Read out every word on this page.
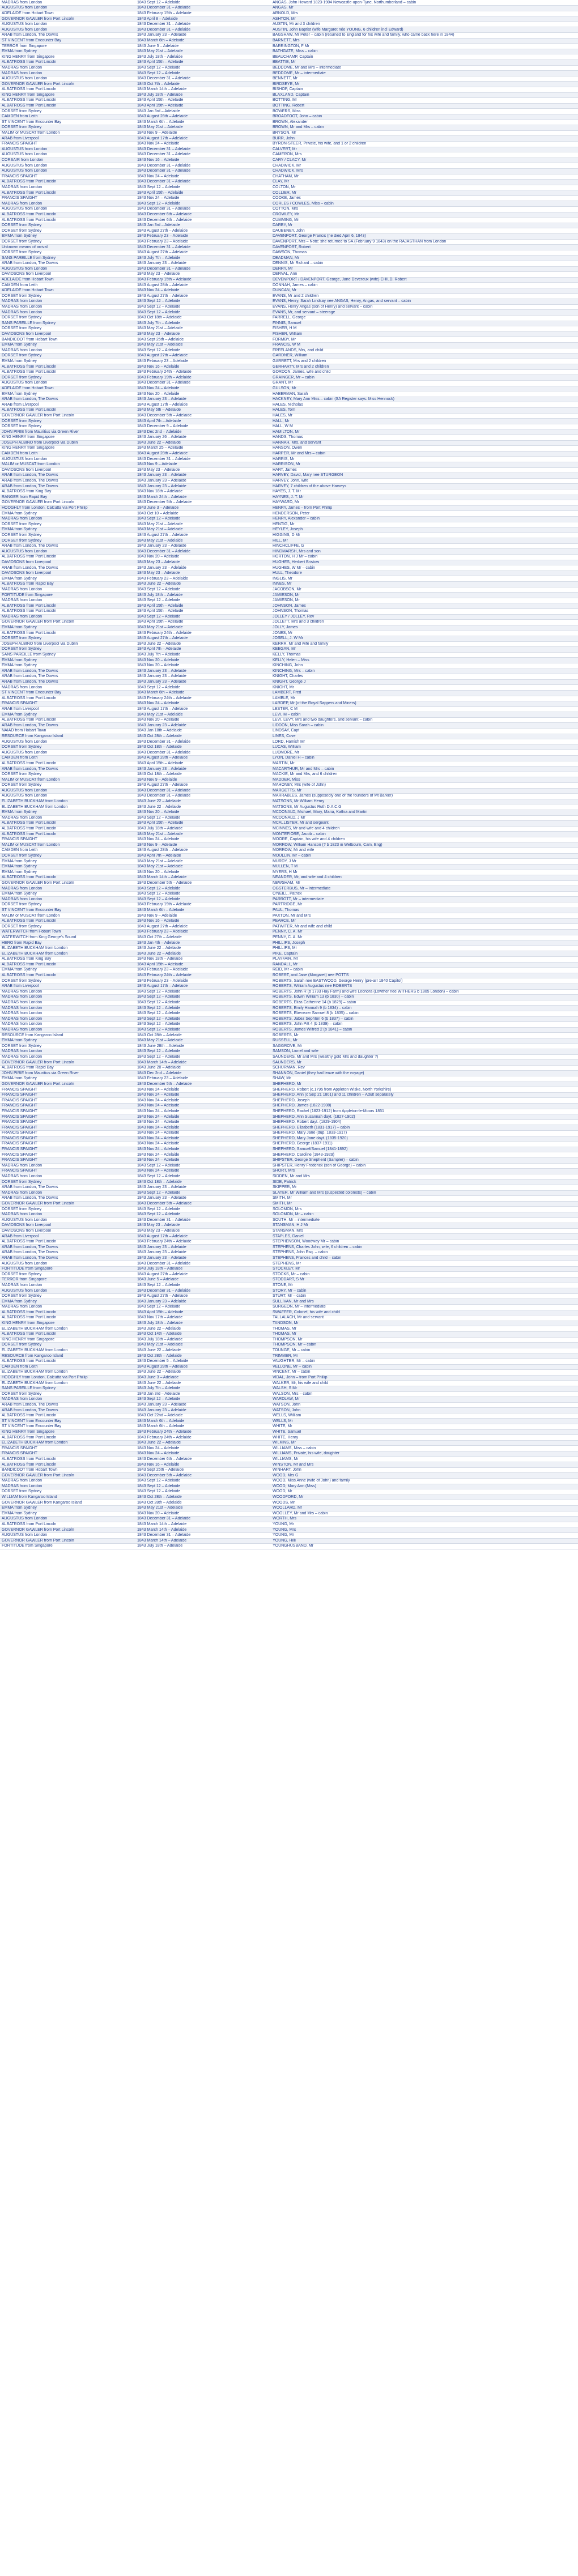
MADRAS from London	1843 Sept 12 – Adelaide	ANGAS, John Howard 1823-1904 Newcastle-upon-Tyne, Northumberland – cabin
AUGUSTUS from London	1843 December 31 – Adelaide	ANGAS, Mr
ADELAIDE from Hobart Town	1843 February 15th – Adelaide	ARNOLD, Mrs
GOVERNOR GAWLER from Port Lincoln	1843 April 8 – Adelaide	ASHTON, Mr
AUGUSTUS from London	1843 December 31 – Adelaide	AUSTIN, Mr and 3 children
AUGUSTUS from London	1843 December 31 – Adelaide	AUSTIN, John Baptist (wife Margaret née YOUNG, 6 children incl Edward)
ARAB from London, The Downs	1843 January 23 – Adelaide	BAGSHAW, Mr Peter – cabin (returned to England for his wife and family, who came back here in 1844)
ST VINCENT from Encounter Bay	1843 March 6th – Adelaide	BARNETT, Mrs
TERROR from Singapore	1843 June 5 – Adelaide	BARRINGTON, F Mr
EMMA from Sydney	1843 May 21st – Adelaide	BATHGATE, Miss – cabin
KING HENRY from Singapore	1843 July 18th – Adelaide	BEAUCHAMP, Captain
ALBATROSS from Port Lincoln	1843 April 15th – Adelaide	BEATTIE, Mr
MADRAS from London	1843 Sept 12 – Adelaide	BEDDOME, Mr and Mrs – intermediate
MADRAS from London	1843 Sept 12 – Adelaide	BEDDOME, Mr – intermediate
AUGUSTUS from London	1843 December 31 – Adelaide	BENNETT, Mr
GOVERNOR GAWLER from Port Lincoln	1843 Oct 7th – Adelaide	BIRDSEYE, Mr
ALBATROSS from Port Lincoln	1843 March 14th – Adelaide	BISHOP, Captain
KING HENRY from Singapore	1843 July 18th – Adelaide	BLAXLAND, Captain
ALBATROSS from Port Lincoln	1843 April 15th – Adelaide	BOTTING, Mr
ALBATROSS from Port Lincoln	1843 April 15th – Adelaide	BOTTING, Robert
DORSET from Sydney	1843 Jan 3rd – Adelaide	BOWERS, Miss
CAMDEN from Leith	1843 August 28th – Adelaide	BROADFOOT, John – cabin
ST VINCENT from Encounter Bay	1843 March 6th – Adelaide	BROWN, Alexander
DORSET from Sydney	1843 May 21st – Adelaide	BROWN, Mr and Mrs – cabin
MALIM or MUSCAT from London	1843 Nov 9 – Adelaide	BRYSON, Mr
ARAB from Liverpool	1843 August 17th – Adelaide	BURR, John
FRANCIS SPAIGHT	1843 Nov 24 – Adelaide	BYRON-STEER, Private, his wife, and 1 or 2 children
AUGUSTUS from London	1843 December 31 – Adelaide	CALVERT, Mr
AUGUSTUS from London	1843 December 31 – Adelaide	CAMERON, Mrs
CORSAIR from London	1843 Nov 16 – Adelaide	CARY / CLACY, Mr
AUGUSTUS from London	1843 December 31 – Adelaide	CHADWICK, Mr
AUGUSTUS from London	1843 December 31 – Adelaide	CHADWICK, Mrs
FRANCIS SPAIGHT	1843 Nov 24 – Adelaide	CHATHAM, Mr
ALBATROSS from Port Lincoln	1843 December 31 – Adelaide	CLAY, Mr
MADRAS from London	1843 Sept 12 – Adelaide	COLTON, Mr
ALBATROSS from Port Lincoln	1843 April 15th – Adelaide	COLLIER, Mr
FRANCIS SPAIGHT	1843 Nov 24 – Adelaide	COOKE, James
MADRAS from London	1843 Sept 12 – Adelaide	CORLES / COWLES, Miss – cabin
AUGUSTUS from London	1843 December 31 – Adelaide	COTTON, Mrs
ALBATROSS from Port Lincoln	1843 December 6th – Adelaide	CROWLEY, Mr
ALBATROSS from Port Lincoln	1843 December 6th – Adelaide	CUMMING, Mr
DORSET from Sydney	1843 Jan 3rd – Adelaide	DARBY, Mr
DORSET from Sydney	1843 August 27th – Adelaide	DAUBENEY, John
EMMA from Sydney	1843 February 23 – Adelaide	DAVENPORT, George Francis (he died April 6, 1843)
DORSET from Sydney	1843 February 23 – Adelaide	DAVENPORT, Mrs – Note: she returned to SA (February 9 1843) on the RAJASTHAN from London
Unknown means of arrival	1843 December 31 – Adelaide	DAVENPORT, Robert
DORSET from Sydney	1843 August 27th – Adelaide	DAWSON, Thomas
SANS PAREILLE from Sydney	1843 July 7th – Adelaide	DEADMAN, Mr
ARAB from London, The Downs	1843 January 23 – Adelaide	DENNIS, Mr Richard – cabin
AUGUSTUS from London	1843 December 31 – Adelaide	DERRY, Mr
DAVIDSONS from Liverpool	1843 May 23 – Adelaide	DERVAL, Ann
ADELAIDE from Hobart Town	1843 February 15th – Adelaide	DEVENPORT / DAVENPORT, George, Jane Devereux (wife) CHILD, Robert
CAMDEN from Leith	1843 August 28th – Adelaide	DONNAH, James – cabin
ADELAIDE from Hobart Town	1843 Nov 24 – Adelaide	DUNCAN, Mr
DORSET from Sydney	1843 August 27th – Adelaide	EVANS, Mr and 2 children
MADRAS from London	1843 Sept 12 – Adelaide	EVANS, Henry, Sarah Lindsay nee ANGAS, Henry, Angas, and servant – cabin
MADRAS from London	1843 Sept 12 – Adelaide	EVANS, Henry Angas (son of Henry) and servant – cabin
MADRAS from London	1843 Sept 12 – Adelaide	EVANS, Mr, and servant – steerage
DORSET from Sydney	1843 Oct 18th – Adelaide	FARRELL, George
SANS PAREILLE from Sydney	1843 July 7th – Adelaide	FINNIS, Samuel
DORSET from Sydney	1843 May 21st – Adelaide	FISHER, H M
DAVIDSONS from Liverpool	1843 May 23 – Adelaide	FISHER, William
BANDICOOT from Hobart Town	1843 Sept 25th – Adelaide	FORMBY, Mr
EMMA from Sydney	1843 May 21st – Adelaide	FRANCIS, W M
MADRAS from London	1843 Sept 12 – Adelaide	FREELANDS, Mrs, and child
DORSET from Sydney	1843 August 27th – Adelaide	GARDNER, William
EMMA from Sydney	1843 February 23 – Adelaide	GARRETT, Mrs and 2 children
ALBATROSS from Port Lincoln	1843 Nov 16 – Adelaide	GERHARTY, Mrs and 2 children
ALBATROSS from Port Lincoln	1843 February 24th – Adelaide	GORDON, James, wife and child
DORSET from Sydney	1843 February 19th – Adelaide	GRAINGER, Mr – cabin
AUGUSTUS from London	1843 December 31 – Adelaide	GRANT, Mr
ADELAIDE from Hobart Town	1843 Nov 24 – Adelaide	GULSON, Mr
EMMA from Sydney	1843 Nov 20 – Adelaide	HABERMAN, Sarah
ARAB from London, The Downs	1843 January 23 – Adelaide	HACKNEY, Mary Ann Miss – cabin (SA Register says: Miss Hennock)
ARAB from Liverpool	1843 August 17th – Adelaide	HALES, Nicholas
ALBATROSS from Port Lincoln	1843 May 5th – Adelaide	HALES, Tom
GOVERNOR GAWLER from Port Lincoln	1843 December 5th – Adelaide	HALES, Mr
DORSET from Sydney	1843 April 7th – Adelaide	HALL, Mr
DORSET from Sydney	1843 December 9 – Adelaide	HALL, W M
JOHN PIRIE from Mauritius via Green River	1843 Dec 2nd – Adelaide	HAMILTON, Mr
KING HENRY from Singapore	1843 January 26 – Adelaide	HANDS, Thomas
JOSEPH ALBINO from Liverpool via Dublin	1843 June 22 – Adelaide	HANNAH, Mrs, and servant
KING HENRY from Singapore	1843 March 25 – Adelaide	HANSON, Owen
CAMDEN from Leith	1843 August 28th – Adelaide	HARPER, Mr and Mrs – cabin
AUGUSTUS from London	1843 December 31 – Adelaide	HARRIS, Mr
MALIM or MUSCAT from London	1843 Nov 9 – Adelaide	HARRISON, Mr
DAVIDSONS from Liverpool	1843 May 23 – Adelaide	HART, James
ARAB from London, The Downs	1843 January 23 – Adelaide	HARVEY, David, Mary nee STURGEON
ARAB from London, The Downs	1843 January 23 – Adelaide	HARVEY, John, wife
ARAB from London, The Downs	1843 January 23 – Adelaide	HARVEY, 7 children of the above Harveys
ALBATROSS from King Bay	1843 Nov 18th – Adelaide	HAYES, J. T. Mr
RANGER from Rapid Bay	1843 March 24th – Adelaide	HAYNES, J. T. Mr
GOVERNOR GAWLER from Port Lincoln	1843 December 5th – Adelaide	HAYWARD, Mr
HOOGHLY from London, Calcutta via Port Phillip	1843 June 3 – Adelaide	HENRY, James – from Port Phillip
EMMA from Sydney	1843 Oct 10 – Adelaide	HENDERSON, Peter
MADRAS from London	1843 Sept 12 – Adelaide	HENRY, Alexander – cabin
DORSET from Sydney	1843 May 21st – Adelaide	HENTIG, Mr
EMMA from Sydney	1843 May 21st – Adelaide	HEYLEY, Joseph
DORSET from Sydney	1843 August 27th – Adelaide	HIGGINS, D Mr
DORSET from Sydney	1843 May 21st – Adelaide	HILL, Mr
ARAB from London, The Downs	1843 January 23 – Adelaide	HINCHCLIFFE, G
AUGUSTUS from London	1843 December 31 – Adelaide	HINDMARSH, Mrs and son
ALBATROSS from Port Lincoln	1843 Nov 20 – Adelaide	HORTON, H J Mr – cabin
DAVIDSONS from Liverpool	1843 May 23 – Adelaide	HUGHES, Herbert Bristow
ARAB from London, The Downs	1843 January 23 – Adelaide	HUGHES, W Mr – cabin
DAVIDSONS from Liverpool	1843 May 23 – Adelaide	HULL, Theodore
EMMA from Sydney	1843 February 23 – Adelaide	INGLIS, Mr
ALBATROSS from Rapid Bay	1843 June 22 – Adelaide	INNES, Mr
MADRAS from London	1843 Sept 12 – Adelaide	JACOBSON, Mr
FORTITUDE from Singapore	1843 July 18th – Adelaide	JAMIESON, Mr
MADRAS from London	1843 Sept 12 – Adelaide	JAMIESON, Mr
ALBATROSS from Port Lincoln	1843 April 15th – Adelaide	JOHNSON, James
ALBATROSS from Port Lincoln	1843 April 15th – Adelaide	JOHNSON, Thomas
MADRAS from London	1843 Sept 12 – Adelaide	JOLLEY / JOLLEY, Rev
GOVERNOR GAWLER from Port Lincoln	1843 April 15th – Adelaide	JOLLETT, Mrs and 3 children
EMMA from Sydney	1843 May 21st – Adelaide	JOLLY, James
ALBATROSS from Port Lincoln	1843 February 24th – Adelaide	JONES, Mr
DORSET from Sydney	1843 August 27th – Adelaide	JOSELL, J. W Mr
JOSEPH ALBINO from Liverpool via Dublin	1843 June 22 – Adelaide	KERRR, Mr and wife and family
DORSET from Sydney	1843 April 7th – Adelaide	KEEGAN, Mr
SANS PAREILLE from Sydney	1843 July 7th – Adelaide	KELLY, Thomas
EMMA from Sydney	1843 Nov 20 – Adelaide	KELLY, Helen – Miss
EMMA from Sydney	1843 Nov 20 – Adelaide	KINCHING, John
ARAB from London, The Downs	1843 January 23 – Adelaide	KINCHING, Mrs – cabin
ARAB from London, The Downs	1843 January 23 – Adelaide	KNIGHT, Charles
ARAB from London, The Downs	1843 January 23 – Adelaide	KNIGHT, George J
MADRAS from London	1843 Sept 12 – Adelaide	KNIGHT, Mr
ST VINCENT from Encounter Bay	1843 March 6th – Adelaide	LAMBERT, Fred
ALBATROSS from Port Lincoln	1843 February 24th – Adelaide	LAMBLE, Mr
FRANCIS SPAIGHT	1843 Nov 24 – Adelaide	LARDEP, Mr (of the Royal Sappers and Miners)
ARAB from Liverpool	1843 August 17th – Adelaide	LESTER, C M
EMMA from Sydney	1843 May 21st – Adelaide	LEVI, M – cabin
ALBATROSS from Port Lincoln	1843 Nov 20 – Adelaide	LEVI, LEVY, Mrs and two daughters, and servant – cabin
ARAB from London, The Downs	1843 January 23 – Adelaide	LIDDON, Miss Sarah – cabin
NAIAD from Hobart Town	1843 Jan 18th – Adelaide	LINDSAY, Capt
RESOURCE from Kangaroo Island	1843 Oct 28th – Adelaide	LINES, Cove
AUGUSTUS from London	1843 December 31 – Adelaide	LORD, Hamish Mr
DORSET from Sydney	1843 Oct 18th – Adelaide	LUCAS, William
AUGUSTUS from London	1843 December 31 – Adelaide	LUDMORE, Mr
CAMDEN from Leith	1843 August 28th – Adelaide	LYON, Daniel H – cabin
ALBATROSS from Port Lincoln	1843 April 15th – Adelaide	MARTIN, Mr
ARAB from London, The Downs	1843 January 23 – Adelaide	MACARTHUR, Mr and Mrs – cabin
DORSET from Sydney	1843 Oct 18th – Adelaide	MACKIE, Mr and Mrs, and 6 children
MALIM or MUSCAT from London	1843 Nov 9 – Adelaide	MADDER, Miss
DORSET from Sydney	1843 August 27th – Adelaide	MAHONEY, Mrs (wife of John)
AUGUSTUS from London	1843 December 31 – Adelaide	MARGETTS, Mr
AUGUSTUS from London	1843 December 31 – Adelaide	MARRABLES, James (supposedly one of the founders of Mt Barker)
ELIZABETH BUCKHAM from London	1843 June 22 – Adelaide	MATSONS, Mr William Henry
ELIZABETH BUCKHAM from London	1843 June 22 – Adelaide	MATSONS, Mr Augustus Ruth D.A.C.G
EMMA from Sydney	1843 Nov 20 – Adelaide	MCDONALD, Michael, Mary, Maria, Kathia and Martin
MADRAS from London	1843 Sept 12 – Adelaide	MCDONALD, J Mr
ALBATROSS from Port Lincoln	1843 April 15th – Adelaide	MCALLISTER, Mr and sergeant
ALBATROSS from Port Lincoln	1843 July 18th – Adelaide	MCINNES, Mr and wife and 4 children
ALBATROSS from Port Lincoln	1843 May 21st – Adelaide	MONTEFIORE, Jacob – cabin
FRANCIS SPAIGHT	1843 Nov 24 – Adelaide	MOORE, Captain, his wife and 4 children
MALIM or MUSCAT from London	1843 Nov 9 – Adelaide	MORROW, William Hanson (? b 1823 in Welbourn, Cam, Eng)
CAMDEN from Leith	1843 August 28th – Adelaide	MORROW, Mr and wife
DORSET from Sydney	1843 April 7th – Adelaide	MOULLIN, Mr – cabin
EMMA from Sydney	1843 May 21st – Adelaide	MURDY, J Mr
EMMA from Sydney	1843 May 21st – Adelaide	MULLEN, T M
EMMA from Sydney	1843 Nov 20 – Adelaide	MYERS, H Mr
ALBATROSS from Port Lincoln	1843 March 14th – Adelaide	NEANDER, Mr, and wife and 4 children
GOVERNOR GAWLER from Port Lincoln	1843 December 5th – Adelaide	NEWSHAM, Mr
MADRAS from London	1843 Sept 12 – Adelaide	OGSTERBUS, Mr – intermediate
EMMA from Sydney	1843 Sept 12 – Adelaide	O'NEILL, Patrick
MADRAS from London	1843 Sept 12 – Adelaide	PARROTT, Mr – intermediate
DORSET from Sydney	1843 February 19th – Adelaide	PARTRIDGE, Mr
ST VINCENT from Encounter Bay	1843 March 6th – Adelaide	PAUL, Thomas
MALIM or MUSCAT from London	1843 Nov 9 – Adelaide	PAXTON, Mr and Mrs
ALBATROSS from Port Lincoln	1843 Nov 16 – Adelaide	PEARCE, Mr
DORSET from Sydney	1843 August 27th – Adelaide	PATWITER, Mr and wife and child
WATERWITCH from Hobart Town	1843 February 23 – Adelaide	PENNY, C. A. Mr
WATERWITCH from King George's Sound	1843 Oct 27th – Adelaide	PENNY, C. A. Mr
HERO from Rapid Bay	1843 Jan 4th – Adelaide	PHILLIPS, Joseph
ELIZABETH BUCKHAM from London	1843 June 22 – Adelaide	PHILLIPS, Mr
ELIZABETH BUCKHAM from London	1843 June 22 – Adelaide	PIKE, Captain
ALBATROSS from King Bay	1843 Nov 18th – Adelaide	PLAYFAIR, Mr
ALBATROSS from Port Lincoln	1843 April 15th – Adelaide	RANDALL, Mr
EMMA from Sydney	1843 February 23 – Adelaide	REID, Mr – cabin
ALBATROSS from Port Lincoln	1843 February 24th – Adelaide	ROBERT, and Jane (Margaret) nee POTTS
DORSET from Sydney	1843 February 23 – Adelaide	ROBERTS, Sarah nee EASTWOOD, George Henry (pre-arr 1840 Capitol)
ARAB from Liverpool	1843 August 17th – Adelaide	ROBERTS, William Augustus nee ROBERTS
MADRAS from London	1843 Sept 12 – Adelaide	ROBERTS, John R (b 1793 Hay Farm) and wife Leonora (Lowther nee WITHERS b 1805 London) – cabin
MADRAS from London	1843 Sept 12 – Adelaide	ROBERTS, Edwin William 13 (b 1830) – cabin
MADRAS from London	1843 Sept 12 – Adelaide	ROBERTS, Eliza Catherine 14 (b 1829) – cabin
MADRAS from London	1843 Sept 12 – Adelaide	ROBERTS, Emily Hannah 9 (b 1834) – cabin
MADRAS from London	1843 Sept 12 – Adelaide	ROBERTS, Ebenezer Samuel 8 (b 1835) – cabin
MADRAS from London	1843 Sept 12 – Adelaide	ROBERTS, Jabez Sephton 6 (b 1837) – cabin
MADRAS from London	1843 Sept 12 – Adelaide	ROBERTS, John Pitt 4 (b 1839) – cabin
MADRAS from London	1843 Sept 12 – Adelaide	ROBERTS, James Wilfred 2 (b 1841) – cabin
RESOURCE from Kangaroo Island	1843 Oct 28th – Adelaide	ROBERTS, Mr
EMMA from Sydney	1843 May 21st – Adelaide	RUSSELL, Mr
DORSET from Sydney	1843 June 28th – Adelaide	SAGGROVE, Mr
MADRAS from London	1843 Sept 12 – Adelaide	SAMSON, Lionel and wife
MADRAS from London	1843 Sept 12 – Adelaide	SAUNDERS, Mr and Mrs (wealthy gold Mrs and daughter ?)
GOVERNOR GAWLER from Port Lincoln	1843 March 14th – Adelaide	SAUNDERS, Mr
ALBATROSS from Rapid Bay	1843 June 20 – Adelaide	SCHURMAN, Rev
JOHN PIRIE from Mauritius via Green River	1843 Dec 2nd – Adelaide	SHANNON, Daniel (they had leave with the voyage)
EMMA from Sydney	1843 February 23 – Adelaide	SHAW, Mr
GOVERNOR GAWLER from Port Lincoln	1843 December 5th – Adelaide	SHEPHERD, Mr
FRANCIS SPAIGHT	1843 Nov 24 – Adelaide	SHEPHERD, Robert (c.1795 from Appleton Wiske, North Yorkshire)
FRANCIS SPAIGHT	1843 Nov 24 – Adelaide	SHEPHERD, Ann (c Sep 21 1801) and 11 children – Adult separately
FRANCIS SPAIGHT	1843 Nov 24 – Adelaide	SHEPHERD, Joseph
FRANCIS SPAIGHT	1843 Nov 24 – Adelaide	SHEPHERD, James (1822-1908)
FRANCIS SPAIGHT	1843 Nov 24 – Adelaide	SHEPHERD, Rachel (1823-1912) from Appleton-le-Moors 1851
FRANCIS SPAIGHT	1843 Nov 24 – Adelaide	SHEPHERD, Ann Susannah dayt. (1827-1902)
FRANCIS SPAIGHT	1843 Nov 24 – Adelaide	SHEPHERD, Robert dayt. (1829-1904)
FRANCIS SPAIGHT	1843 Nov 24 – Adelaide	SHEPHERD, Elizabeth (1831-1917) – cabin
FRANCIS SPAIGHT	1843 Nov 24 – Adelaide	SHEPHERD, Mary Jane (dup. 1833-1917)
FRANCIS SPAIGHT	1843 Nov 24 – Adelaide	SHEPHERD, Mary Jane dayt. (1835-1920)
FRANCIS SPAIGHT	1843 Nov 24 – Adelaide	SHEPHERD, George (1837-1911)
FRANCIS SPAIGHT	1843 Nov 24 – Adelaide	SHEPHERD, Samuel/Samuel (1841-1892)
FRANCIS SPAIGHT	1843 Nov 24 – Adelaide	SHEPHERD, Caroline (1843-1929)
FRANCIS SPAIGHT	1843 Nov 24 – Adelaide	SHIPSTER, George Shepherd (Sampler) – cabin
MADRAS from London	1843 Sept 12 – Adelaide	SHIPSTER, Henry Frederick (son of George) – cabin
FRANCIS SPAIGHT	1843 Nov 24 – Adelaide	SHORT, Mrs
MADRAS from London	1843 Sept 12 – Adelaide	SIDDEN, Mr and Mrs
DORSET from Sydney	1843 Oct 18th – Adelaide	SIDE, Patrick
ARAB from London, The Downs	1843 January 23 – Adelaide	SKIPPER, Mr
MADRAS from London	1843 Sept 12 – Adelaide	SLATER, Mr William and Mrs (suspected colonists) – cabin
ARAB from London, The Downs	1843 January 23 – Adelaide	SMITH, Mr
GOVERNOR GAWLER from Port Lincoln	1843 December 5th – Adelaide	SMITH, Mr
DORSET from Sydney	1843 Sept 12 – Adelaide	SOLOMON, Mrs
MADRAS from London	1843 Sept 12 – Adelaide	SOLOMON, Mr – cabin
AUGUSTUS from London	1843 December 31 – Adelaide	SOUTH, Mr – intermediate
DAVIDSONS from Liverpool	1843 May 23 – Adelaide	STANSMAN, H J Mr
DAVIDSONS from Liverpool	1843 May 23 – Adelaide	STANSMAN, Mrs
ARAB from Liverpool	1843 August 17th – Adelaide	STAPLES, Daniel
ALBATROSS from Port Lincoln	1843 February 24th – Adelaide	STEPHENSON, Woodway Mr – cabin
ARAB from London, The Downs	1843 January 23 – Adelaide	STEPHENS, Charles John, wife, 6 children – cabin
ARAB from London, The Downs	1843 January 23 – Adelaide	STEPHENS, John Esq. – cabin
ARAB from London, The Downs	1843 January 23 – Adelaide	STEPHENS, Frances and child – cabin
AUGUSTUS from London	1843 December 31 – Adelaide	STEPHENS, Mr
FORTITUDE from Singapore	1843 July 18th – Adelaide	STOCKLEY, Mr
DORSET from Sydney	1843 August 27th – Adelaide	STOCKS, Mr – cabin
TERROR from Singapore	1843 June 5 – Adelaide	STODDART, S Mr
MADRAS from London	1843 Sept 12 – Adelaide	STONE, Mr
AUGUSTUS from London	1843 December 31 – Adelaide	STORY, Mr – cabin
DORSET from Sydney	1843 August 27th – Adelaide	STURT, Mr – cabin
EMMA from Sydney	1843 January 23 – Adelaide	SULLIVAN, Mr and Mrs
MADRAS from London	1843 Sept 12 – Adelaide	SURGEON, Mr – intermediate
ALBATROSS from Port Lincoln	1843 April 15th – Adelaide	SWAFFER, Colonel, his wife and child
ALBATROSS from Port Lincoln	1843 Nov 17th – Adelaide	TALLALACH, Mr and servant
KING HENRY from Singapore	1843 July 18th – Adelaide	TANDSON, Mr
ELIZABETH BUCKHAM from London	1843 June 22 – Adelaide	THOMAS, Mr
ALBATROSS from Port Lincoln	1843 Oct 14th – Adelaide	THOMAS, Mr
KING HENRY from Singapore	1843 July 18th – Adelaide	THOMPSON, Mr
DORSET from Sydney	1843 May 21st – Adelaide	THOMPSON, Mr – cabin
ELIZABETH BUCKHAM from London	1843 June 22 – Adelaide	TOUNGE, Mr – cabin
RESOURCE from Kangaroo Island	1843 Oct 28th – Adelaide	TRIMMER, Mr
ALBATROSS from Port Lincoln	1843 December 5 – Adelaide	VAUGHTER, Mr – cabin
CAMDEN from Leith	1843 August 28th – Adelaide	VELLONE, Mr – cabin
ELIZABETH BUCKHAM from London	1843 June 22 – Adelaide	VINCENT, Mr – cabin
HOOGHLY from London, Calcutta via Port Phillip	1843 June 3 – Adelaide	VIDAL, John – from Port Phillip
ELIZABETH BUCKHAM from London	1843 June 22 – Adelaide	WALKER, Mr, his wife and child
SANS PAREILLE from Sydney	1843 July 7th – Adelaide	WALSH, S Mr
DORSET from Sydney	1843 Jan 3rd – Adelaide	WALSON, Mrs – cabin
MADRAS from London	1843 Sept 12 – Adelaide	WARDLAW, Mr
ARAB from London, The Downs	1843 January 23 – Adelaide	WATSON, John
ARAB from London, The Downs	1843 January 23 – Adelaide	WATSON, John
ALBATROSS from Port Lincoln	1843 Oct 22nd – Adelaide	WELLS, William
ST VINCENT from Encounter Bay	1843 March 6th – Adelaide	WELLS, Mr
ST VINCENT from Encounter Bay	1843 March 6th – Adelaide	WHITE, Mr
KING HENRY from Singapore	1843 February 24th – Adelaide	WHITE, Samuel
ALBATROSS from Port Lincoln	1843 February 24th – Adelaide	WHITE, Henry
ELIZABETH BUCKHAM from London	1843 June 22 – Adelaide	WILKINS, Mr
FRANCIS SPAIGHT	1843 Nov 24 – Adelaide	WILLIAMS, Miss – cabin
FRANCIS SPAIGHT	1843 Nov 24 – Adelaide	WILLIAMS, Private, his wife, daughter
ALBATROSS from Port Lincoln	1843 December 6th – Adelaide	WILLIAMS, Mr
ALBATROSS from Port Lincoln	1843 Nov 16 – Adelaide	WINSTON, Mr and Mrs
BANDICOOT from Hobart Town	1843 Sept 25th – Adelaide	WINHART, John
GOVERNOR GAWLER from Port Lincoln	1843 December 5th – Adelaide	WOOD, Mrs G
MADRAS from London	1843 Sept 12 – Adelaide	WOOD, Miss Anne (wife of John) and family
MADRAS from London	1843 Sept 12 – Adelaide	WOOD, Mary Ann (Miss)
DORSET from Sydney	1843 Sept 12 – Adelaide	WOOD, Mr
WILLIAM from Kangaroo Island	1843 Oct 28th – Adelaide	WOODFORD, Mr
GOVERNOR GAWLER from Kangaroo Island	1843 Oct 28th – Adelaide	WOODS, Mr
EMMA from Sydney	1843 May 21st – Adelaide	WOOLLARD, Mr
EMMA from Sydney	1843 Nov 20 – Adelaide	WOOLLEY, Mr and Mrs – cabin
AUGUSTUS from London	1843 December 31 – Adelaide	WORTH, Mrs
ALBATROSS from Port Lincoln	1843 March 14th – Adelaide	YOUNG, Mr
GOVERNOR GAWLER from Port Lincoln	1843 March 14th – Adelaide	YOUNG, Mrs
AUGUSTUS from London	1843 December 31 – Adelaide	YOUNG, Mr
GOVERNOR GAWLER from Port Lincoln	1843 March 14th – Adelaide	YOUNG, Hilli
FORTITUDE from Singapore	1843 July 18th – Adelaide	YOUNGHUSBAND, Mr
